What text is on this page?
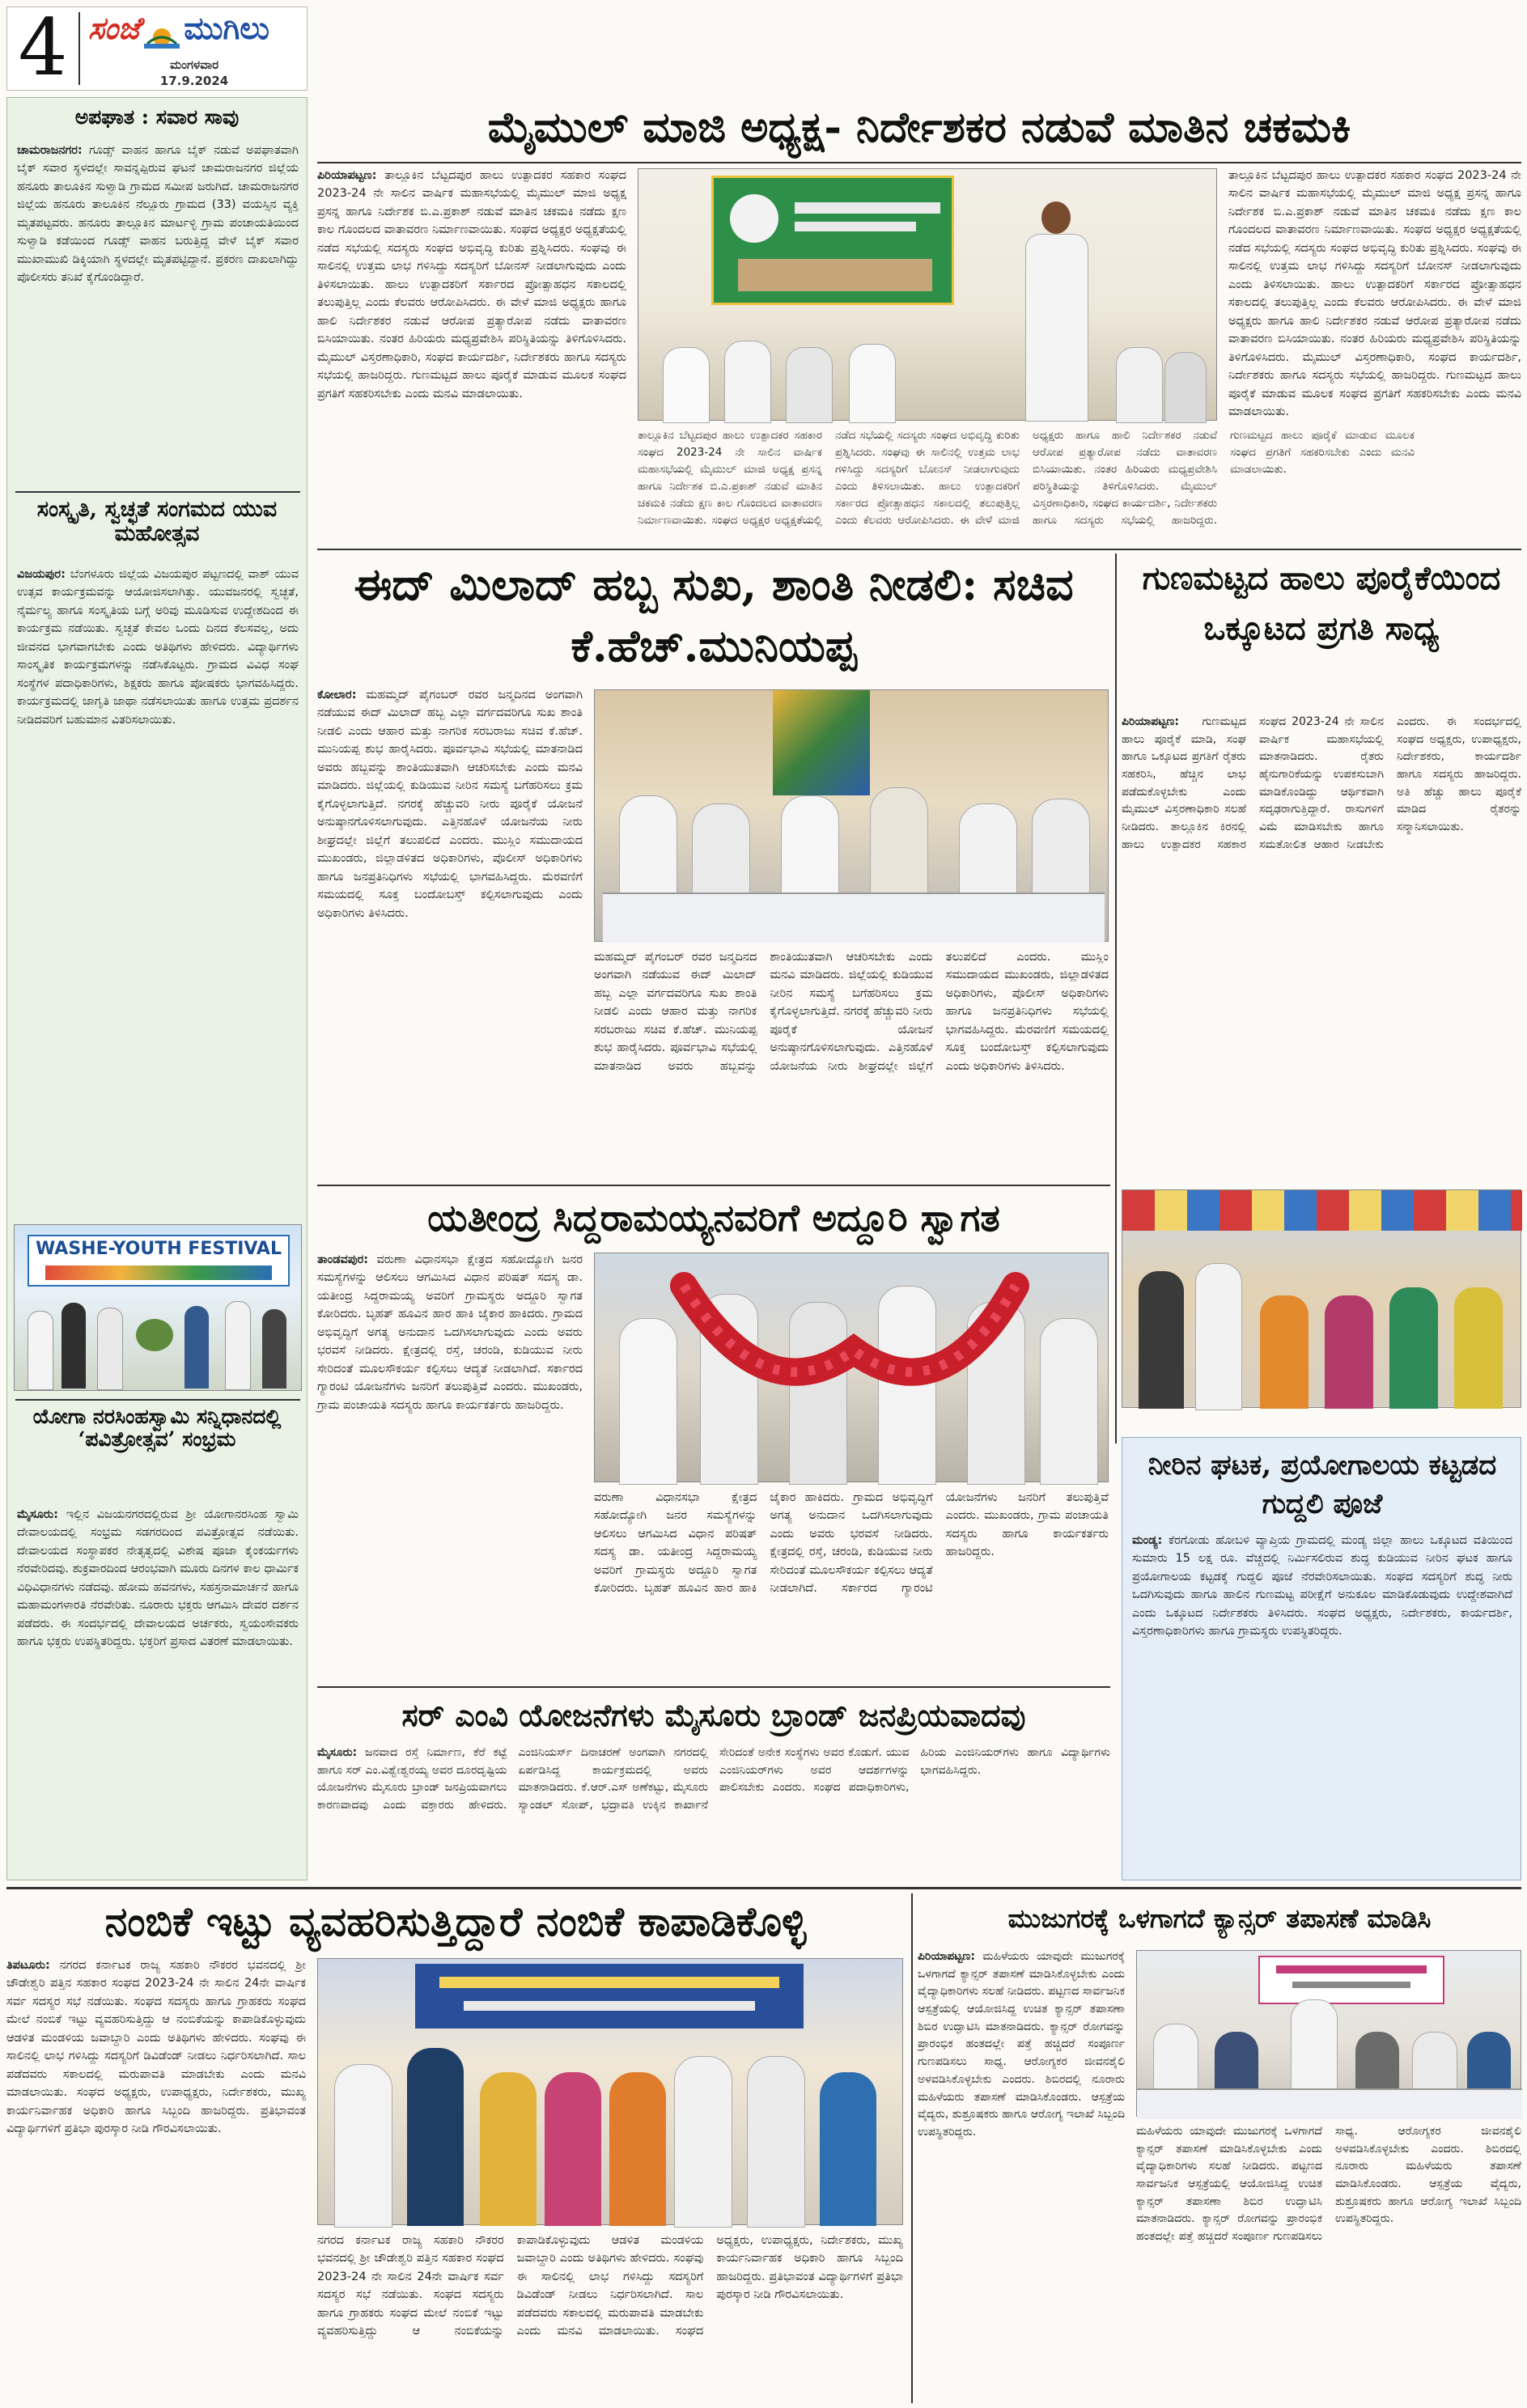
4 ಸಂಜೆ ಮುಗಿಲು
ಮಂಗಳವಾರ
17.9.2024
ಅಪಘಾತ : ಸವಾರ ಸಾವು
ಚಾಮರಾಜನಗರ: ಗೂಡ್ಸ್ ವಾಹನ ಹಾಗೂ ಬೈಕ್ ನಡುವೆ ಅಪಘಾತವಾಗಿ ಬೈಕ್ ಸವಾರ ಸ್ಥಳದಲ್ಲೇ ಸಾವನ್ನಪ್ಪಿರುವ ಘಟನೆ ಚಾಮರಾಜನಗರ ಜಿಲ್ಲೆಯ ಹನೂರು ತಾಲೂಕಿನ ಸುಳ್ವಾಡಿ ಗ್ರಾಮದ ಸಮೀಪ ಜರುಗಿದೆ. ಚಾಮರಾಜನಗರ ಜಿಲ್ಲೆಯ ಹನೂರು ತಾಲೂಕಿನ ನೆಲ್ಲೂರು ಗ್ರಾಮದ (33) ವಯಸ್ಸಿನ ವ್ಯಕ್ತಿ ಮೃತಪಟ್ಟವರು. ಹನೂರು ತಾಲ್ಲೂಕಿನ ಮಾರ್ಟಳ್ಳಿ ಗ್ರಾಮ ಪಂಚಾಯತಿಯಿಂದ ಸುಳ್ವಾಡಿ ಕಡೆಯಿಂದ ಗೂಡ್ಸ್ ವಾಹನ ಬರುತ್ತಿದ್ದ ವೇಳೆ ಬೈಕ್ ಸವಾರ ಮುಖಾಮುಖಿ ಡಿಕ್ಕಿಯಾಗಿ ಸ್ಥಳದಲ್ಲೇ ಮೃತಪಟ್ಟಿದ್ದಾನೆ. ಪ್ರಕರಣ ದಾಖಲಾಗಿದ್ದು ಪೊಲೀಸರು ತನಿಖೆ ಕೈಗೊಂಡಿದ್ದಾರೆ.
ಸಂಸ್ಕೃತಿ, ಸ್ವಚ್ಛತೆ ಸಂಗಮದ ಯುವ ಮಹೋತ್ಸವ
ವಿಜಯಪುರ: ಬೆಂಗಳೂರು ಜಿಲ್ಲೆಯ ವಿಜಯಪುರ ಪಟ್ಟಣದಲ್ಲಿ ವಾಶ್ ಯುವ ಉತ್ಸವ ಕಾರ್ಯಕ್ರಮವನ್ನು ಆಯೋಜಿಸಲಾಗಿತ್ತು. ಯುವಜನರಲ್ಲಿ ಸ್ವಚ್ಛತೆ, ನೈರ್ಮಲ್ಯ ಹಾಗೂ ಸಂಸ್ಕೃತಿಯ ಬಗ್ಗೆ ಅರಿವು ಮೂಡಿಸುವ ಉದ್ದೇಶದಿಂದ ಈ ಕಾರ್ಯಕ್ರಮ ನಡೆಯಿತು. ಸ್ವಚ್ಛತೆ ಕೇವಲ ಒಂದು ದಿನದ ಕೆಲಸವಲ್ಲ, ಅದು ಜೀವನದ ಭಾಗವಾಗಬೇಕು ಎಂದು ಅತಿಥಿಗಳು ಹೇಳಿದರು. ವಿದ್ಯಾರ್ಥಿಗಳು ಸಾಂಸ್ಕೃತಿಕ ಕಾರ್ಯಕ್ರಮಗಳನ್ನು ನಡೆಸಿಕೊಟ್ಟರು. ಗ್ರಾಮದ ವಿವಿಧ ಸಂಘ ಸಂಸ್ಥೆಗಳ ಪದಾಧಿಕಾರಿಗಳು, ಶಿಕ್ಷಕರು ಹಾಗೂ ಪೋಷಕರು ಭಾಗವಹಿಸಿದ್ದರು. ಕಾರ್ಯಕ್ರಮದಲ್ಲಿ ಜಾಗೃತಿ ಜಾಥಾ ನಡೆಸಲಾಯಿತು ಹಾಗೂ ಉತ್ತಮ ಪ್ರದರ್ಶನ ನೀಡಿದವರಿಗೆ ಬಹುಮಾನ ವಿತರಿಸಲಾಯಿತು.
WASHE-YOUTH FESTIVAL
ಯೋಗಾ ನರಸಿಂಹಸ್ವಾಮಿ ಸನ್ನಿಧಾನದಲ್ಲಿ ‘ಪವಿತ್ರೋತ್ಸವ’ ಸಂಭ್ರಮ
ಮೈಸೂರು: ಇಲ್ಲಿನ ವಿಜಯನಗರದಲ್ಲಿರುವ ಶ್ರೀ ಯೋಗಾನರಸಿಂಹ ಸ್ವಾಮಿ ದೇವಾಲಯದಲ್ಲಿ ಸಂಭ್ರಮ ಸಡಗರದಿಂದ ಪವಿತ್ರೋತ್ಸವ ನಡೆಯಿತು. ದೇವಾಲಯದ ಸಂಸ್ಥಾಪಕರ ನೇತೃತ್ವದಲ್ಲಿ ವಿಶೇಷ ಪೂಜಾ ಕೈಂಕರ್ಯಗಳು ನೆರವೇರಿದವು. ಶುಕ್ರವಾರದಿಂದ ಆರಂಭವಾಗಿ ಮೂರು ದಿನಗಳ ಕಾಲ ಧಾರ್ಮಿಕ ವಿಧಿವಿಧಾನಗಳು ನಡೆದವು. ಹೋಮ ಹವನಗಳು, ಸಹಸ್ರನಾಮಾರ್ಚನೆ ಹಾಗೂ ಮಹಾಮಂಗಳಾರತಿ ನೆರವೇರಿತು. ನೂರಾರು ಭಕ್ತರು ಆಗಮಿಸಿ ದೇವರ ದರ್ಶನ ಪಡೆದರು. ಈ ಸಂದರ್ಭದಲ್ಲಿ ದೇವಾಲಯದ ಅರ್ಚಕರು, ಸ್ವಯಂಸೇವಕರು ಹಾಗೂ ಭಕ್ತರು ಉಪಸ್ಥಿತರಿದ್ದರು. ಭಕ್ತರಿಗೆ ಪ್ರಸಾದ ವಿತರಣೆ ಮಾಡಲಾಯಿತು.
ಮೈಮುಲ್ ಮಾಜಿ ಅಧ್ಯಕ್ಷ- ನಿರ್ದೇಶಕರ ನಡುವೆ ಮಾತಿನ ಚಕಮಕಿ
ಪಿರಿಯಾಪಟ್ಟಣ: ತಾಲ್ಲೂಕಿನ ಬೆಟ್ಟದಪುರ ಹಾಲು ಉತ್ಪಾದಕರ ಸಹಕಾರ ಸಂಘದ 2023-24 ನೇ ಸಾಲಿನ ವಾರ್ಷಿಕ ಮಹಾಸಭೆಯಲ್ಲಿ ಮೈಮುಲ್ ಮಾಜಿ ಅಧ್ಯಕ್ಷ ಪ್ರಸನ್ನ ಹಾಗೂ ನಿರ್ದೇಶಕ ಬಿ.ಎ.ಪ್ರಕಾಶ್ ನಡುವೆ ಮಾತಿನ ಚಕಮಕಿ ನಡೆದು ಕ್ಷಣ ಕಾಲ ಗೊಂದಲದ ವಾತಾವರಣ ನಿರ್ಮಾಣವಾಯಿತು. ಸಂಘದ ಅಧ್ಯಕ್ಷರ ಅಧ್ಯಕ್ಷತೆಯಲ್ಲಿ ನಡೆದ ಸಭೆಯಲ್ಲಿ ಸದಸ್ಯರು ಸಂಘದ ಅಭಿವೃದ್ಧಿ ಕುರಿತು ಪ್ರಶ್ನಿಸಿದರು. ಸಂಘವು ಈ ಸಾಲಿನಲ್ಲಿ ಉತ್ತಮ ಲಾಭ ಗಳಿಸಿದ್ದು ಸದಸ್ಯರಿಗೆ ಬೋನಸ್ ನೀಡಲಾಗುವುದು ಎಂದು ತಿಳಿಸಲಾಯಿತು. ಹಾಲು ಉತ್ಪಾದಕರಿಗೆ ಸರ್ಕಾರದ ಪ್ರೋತ್ಸಾಹಧನ ಸಕಾಲದಲ್ಲಿ ತಲುಪುತ್ತಿಲ್ಲ ಎಂದು ಕೆಲವರು ಆರೋಪಿಸಿದರು. ಈ ವೇಳೆ ಮಾಜಿ ಅಧ್ಯಕ್ಷರು ಹಾಗೂ ಹಾಲಿ ನಿರ್ದೇಶಕರ ನಡುವೆ ಆರೋಪ ಪ್ರತ್ಯಾರೋಪ ನಡೆದು ವಾತಾವರಣ ಬಿಸಿಯಾಯಿತು. ನಂತರ ಹಿರಿಯರು ಮಧ್ಯಪ್ರವೇಶಿಸಿ ಪರಿಸ್ಥಿತಿಯನ್ನು ತಿಳಿಗೊಳಿಸಿದರು. ಮೈಮುಲ್ ವಿಸ್ತರಣಾಧಿಕಾರಿ, ಸಂಘದ ಕಾರ್ಯದರ್ಶಿ, ನಿರ್ದೇಶಕರು ಹಾಗೂ ಸದಸ್ಯರು ಸಭೆಯಲ್ಲಿ ಹಾಜರಿದ್ದರು. ಗುಣಮಟ್ಟದ ಹಾಲು ಪೂರೈಕೆ ಮಾಡುವ ಮೂಲಕ ಸಂಘದ ಪ್ರಗತಿಗೆ ಸಹಕರಿಸಬೇಕು ಎಂದು ಮನವಿ ಮಾಡಲಾಯಿತು.
ತಾಲ್ಲೂಕಿನ ಬೆಟ್ಟದಪುರ ಹಾಲು ಉತ್ಪಾದಕರ ಸಹಕಾರ ಸಂಘದ 2023-24 ನೇ ಸಾಲಿನ ವಾರ್ಷಿಕ ಮಹಾಸಭೆಯಲ್ಲಿ ಮೈಮುಲ್ ಮಾಜಿ ಅಧ್ಯಕ್ಷ ಪ್ರಸನ್ನ ಹಾಗೂ ನಿರ್ದೇಶಕ ಬಿ.ಎ.ಪ್ರಕಾಶ್ ನಡುವೆ ಮಾತಿನ ಚಕಮಕಿ ನಡೆದು ಕ್ಷಣ ಕಾಲ ಗೊಂದಲದ ವಾತಾವರಣ ನಿರ್ಮಾಣವಾಯಿತು. ಸಂಘದ ಅಧ್ಯಕ್ಷರ ಅಧ್ಯಕ್ಷತೆಯಲ್ಲಿ ನಡೆದ ಸಭೆಯಲ್ಲಿ ಸದಸ್ಯರು ಸಂಘದ ಅಭಿವೃದ್ಧಿ ಕುರಿತು ಪ್ರಶ್ನಿಸಿದರು. ಸಂಘವು ಈ ಸಾಲಿನಲ್ಲಿ ಉತ್ತಮ ಲಾಭ ಗಳಿಸಿದ್ದು ಸದಸ್ಯರಿಗೆ ಬೋನಸ್ ನೀಡಲಾಗುವುದು ಎಂದು ತಿಳಿಸಲಾಯಿತು. ಹಾಲು ಉತ್ಪಾದಕರಿಗೆ ಸರ್ಕಾರದ ಪ್ರೋತ್ಸಾಹಧನ ಸಕಾಲದಲ್ಲಿ ತಲುಪುತ್ತಿಲ್ಲ ಎಂದು ಕೆಲವರು ಆರೋಪಿಸಿದರು. ಈ ವೇಳೆ ಮಾಜಿ ಅಧ್ಯಕ್ಷರು ಹಾಗೂ ಹಾಲಿ ನಿರ್ದೇಶಕರ ನಡುವೆ ಆರೋಪ ಪ್ರತ್ಯಾರೋಪ ನಡೆದು ವಾತಾವರಣ ಬಿಸಿಯಾಯಿತು. ನಂತರ ಹಿರಿಯರು ಮಧ್ಯಪ್ರವೇಶಿಸಿ ಪರಿಸ್ಥಿತಿಯನ್ನು ತಿಳಿಗೊಳಿಸಿದರು. ಮೈಮುಲ್ ವಿಸ್ತರಣಾಧಿಕಾರಿ, ಸಂಘದ ಕಾರ್ಯದರ್ಶಿ, ನಿರ್ದೇಶಕರು ಹಾಗೂ ಸದಸ್ಯರು ಸಭೆಯಲ್ಲಿ ಹಾಜರಿದ್ದರು. ಗುಣಮಟ್ಟದ ಹಾಲು ಪೂರೈಕೆ ಮಾಡುವ ಮೂಲಕ ಸಂಘದ ಪ್ರಗತಿಗೆ ಸಹಕರಿಸಬೇಕು ಎಂದು ಮನವಿ ಮಾಡಲಾಯಿತು.
ತಾಲ್ಲೂಕಿನ ಬೆಟ್ಟದಪುರ ಹಾಲು ಉತ್ಪಾದಕರ ಸಹಕಾರ ಸಂಘದ 2023-24 ನೇ ಸಾಲಿನ ವಾರ್ಷಿಕ ಮಹಾಸಭೆಯಲ್ಲಿ ಮೈಮುಲ್ ಮಾಜಿ ಅಧ್ಯಕ್ಷ ಪ್ರಸನ್ನ ಹಾಗೂ ನಿರ್ದೇಶಕ ಬಿ.ಎ.ಪ್ರಕಾಶ್ ನಡುವೆ ಮಾತಿನ ಚಕಮಕಿ ನಡೆದು ಕ್ಷಣ ಕಾಲ ಗೊಂದಲದ ವಾತಾವರಣ ನಿರ್ಮಾಣವಾಯಿತು. ಸಂಘದ ಅಧ್ಯಕ್ಷರ ಅಧ್ಯಕ್ಷತೆಯಲ್ಲಿ ನಡೆದ ಸಭೆಯಲ್ಲಿ ಸದಸ್ಯರು ಸಂಘದ ಅಭಿವೃದ್ಧಿ ಕುರಿತು ಪ್ರಶ್ನಿಸಿದರು. ಸಂಘವು ಈ ಸಾಲಿನಲ್ಲಿ ಉತ್ತಮ ಲಾಭ ಗಳಿಸಿದ್ದು ಸದಸ್ಯರಿಗೆ ಬೋನಸ್ ನೀಡಲಾಗುವುದು ಎಂದು ತಿಳಿಸಲಾಯಿತು. ಹಾಲು ಉತ್ಪಾದಕರಿಗೆ ಸರ್ಕಾರದ ಪ್ರೋತ್ಸಾಹಧನ ಸಕಾಲದಲ್ಲಿ ತಲುಪುತ್ತಿಲ್ಲ ಎಂದು ಕೆಲವರು ಆರೋಪಿಸಿದರು. ಈ ವೇಳೆ ಮಾಜಿ ಅಧ್ಯಕ್ಷರು ಹಾಗೂ ಹಾಲಿ ನಿರ್ದೇಶಕರ ನಡುವೆ ಆರೋಪ ಪ್ರತ್ಯಾರೋಪ ನಡೆದು ವಾತಾವರಣ ಬಿಸಿಯಾಯಿತು. ನಂತರ ಹಿರಿಯರು ಮಧ್ಯಪ್ರವೇಶಿಸಿ ಪರಿಸ್ಥಿತಿಯನ್ನು ತಿಳಿಗೊಳಿಸಿದರು. ಮೈಮುಲ್ ವಿಸ್ತರಣಾಧಿಕಾರಿ, ಸಂಘದ ಕಾರ್ಯದರ್ಶಿ, ನಿರ್ದೇಶಕರು ಹಾಗೂ ಸದಸ್ಯರು ಸಭೆಯಲ್ಲಿ ಹಾಜರಿದ್ದರು. ಗುಣಮಟ್ಟದ ಹಾಲು ಪೂರೈಕೆ ಮಾಡುವ ಮೂಲಕ ಸಂಘದ ಪ್ರಗತಿಗೆ ಸಹಕರಿಸಬೇಕು ಎಂದು ಮನವಿ ಮಾಡಲಾಯಿತು.
ಈದ್ ಮಿಲಾದ್ ಹಬ್ಬ ಸುಖ, ಶಾಂತಿ ನೀಡಲಿ: ಸಚಿವ ಕೆ.ಹೆಚ್.ಮುನಿಯಪ್ಪ
ಕೋಲಾರ: ಮಹಮ್ಮದ್ ಪೈಗಂಬರ್ ರವರ ಜನ್ಮದಿನದ ಅಂಗವಾಗಿ ನಡೆಯುವ ಈದ್ ಮಿಲಾದ್ ಹಬ್ಬ ಎಲ್ಲಾ ವರ್ಗದವರಿಗೂ ಸುಖ ಶಾಂತಿ ನೀಡಲಿ ಎಂದು ಆಹಾರ ಮತ್ತು ನಾಗರಿಕ ಸರಬರಾಜು ಸಚಿವ ಕೆ.ಹೆಚ್. ಮುನಿಯಪ್ಪ ಶುಭ ಹಾರೈಸಿದರು. ಪೂರ್ವಭಾವಿ ಸಭೆಯಲ್ಲಿ ಮಾತನಾಡಿದ ಅವರು ಹಬ್ಬವನ್ನು ಶಾಂತಿಯುತವಾಗಿ ಆಚರಿಸಬೇಕು ಎಂದು ಮನವಿ ಮಾಡಿದರು. ಜಿಲ್ಲೆಯಲ್ಲಿ ಕುಡಿಯುವ ನೀರಿನ ಸಮಸ್ಯೆ ಬಗೆಹರಿಸಲು ಕ್ರಮ ಕೈಗೊಳ್ಳಲಾಗುತ್ತಿದೆ. ನಗರಕ್ಕೆ ಹೆಚ್ಚುವರಿ ನೀರು ಪೂರೈಕೆ ಯೋಜನೆ ಅನುಷ್ಠಾನಗೊಳಿಸಲಾಗುವುದು. ಎತ್ತಿನಹೊಳೆ ಯೋಜನೆಯ ನೀರು ಶೀಘ್ರದಲ್ಲೇ ಜಿಲ್ಲೆಗೆ ತಲುಪಲಿದೆ ಎಂದರು. ಮುಸ್ಲಿಂ ಸಮುದಾಯದ ಮುಖಂಡರು, ಜಿಲ್ಲಾಡಳಿತದ ಅಧಿಕಾರಿಗಳು, ಪೊಲೀಸ್ ಅಧಿಕಾರಿಗಳು ಹಾಗೂ ಜನಪ್ರತಿನಿಧಿಗಳು ಸಭೆಯಲ್ಲಿ ಭಾಗವಹಿಸಿದ್ದರು. ಮೆರವಣಿಗೆ ಸಮಯದಲ್ಲಿ ಸೂಕ್ತ ಬಂದೋಬಸ್ತ್ ಕಲ್ಪಿಸಲಾಗುವುದು ಎಂದು ಅಧಿಕಾರಿಗಳು ತಿಳಿಸಿದರು.
ಮಹಮ್ಮದ್ ಪೈಗಂಬರ್ ರವರ ಜನ್ಮದಿನದ ಅಂಗವಾಗಿ ನಡೆಯುವ ಈದ್ ಮಿಲಾದ್ ಹಬ್ಬ ಎಲ್ಲಾ ವರ್ಗದವರಿಗೂ ಸುಖ ಶಾಂತಿ ನೀಡಲಿ ಎಂದು ಆಹಾರ ಮತ್ತು ನಾಗರಿಕ ಸರಬರಾಜು ಸಚಿವ ಕೆ.ಹೆಚ್. ಮುನಿಯಪ್ಪ ಶುಭ ಹಾರೈಸಿದರು. ಪೂರ್ವಭಾವಿ ಸಭೆಯಲ್ಲಿ ಮಾತನಾಡಿದ ಅವರು ಹಬ್ಬವನ್ನು ಶಾಂತಿಯುತವಾಗಿ ಆಚರಿಸಬೇಕು ಎಂದು ಮನವಿ ಮಾಡಿದರು. ಜಿಲ್ಲೆಯಲ್ಲಿ ಕುಡಿಯುವ ನೀರಿನ ಸಮಸ್ಯೆ ಬಗೆಹರಿಸಲು ಕ್ರಮ ಕೈಗೊಳ್ಳಲಾಗುತ್ತಿದೆ. ನಗರಕ್ಕೆ ಹೆಚ್ಚುವರಿ ನೀರು ಪೂರೈಕೆ ಯೋಜನೆ ಅನುಷ್ಠಾನಗೊಳಿಸಲಾಗುವುದು. ಎತ್ತಿನಹೊಳೆ ಯೋಜನೆಯ ನೀರು ಶೀಘ್ರದಲ್ಲೇ ಜಿಲ್ಲೆಗೆ ತಲುಪಲಿದೆ ಎಂದರು. ಮುಸ್ಲಿಂ ಸಮುದಾಯದ ಮುಖಂಡರು, ಜಿಲ್ಲಾಡಳಿತದ ಅಧಿಕಾರಿಗಳು, ಪೊಲೀಸ್ ಅಧಿಕಾರಿಗಳು ಹಾಗೂ ಜನಪ್ರತಿನಿಧಿಗಳು ಸಭೆಯಲ್ಲಿ ಭಾಗವಹಿಸಿದ್ದರು. ಮೆರವಣಿಗೆ ಸಮಯದಲ್ಲಿ ಸೂಕ್ತ ಬಂದೋಬಸ್ತ್ ಕಲ್ಪಿಸಲಾಗುವುದು ಎಂದು ಅಧಿಕಾರಿಗಳು ತಿಳಿಸಿದರು.
ಗುಣಮಟ್ಟದ ಹಾಲು ಪೂರೈಕೆಯಿಂದ ಒಕ್ಕೂಟದ ಪ್ರಗತಿ ಸಾಧ್ಯ
ಪಿರಿಯಾಪಟ್ಟಣ: ಗುಣಮಟ್ಟದ ಹಾಲು ಪೂರೈಕೆ ಮಾಡಿ, ಸಂಘ ಹಾಗೂ ಒಕ್ಕೂಟದ ಪ್ರಗತಿಗೆ ರೈತರು ಸಹಕರಿಸಿ, ಹೆಚ್ಚಿನ ಲಾಭ ಪಡೆದುಕೊಳ್ಳಬೇಕು ಎಂದು ಮೈಮುಲ್ ವಿಸ್ತರಣಾಧಿಕಾರಿ ಸಲಹೆ ನೀಡಿದರು. ತಾಲ್ಲೂಕಿನ ಕಿರನಲ್ಲಿ ಹಾಲು ಉತ್ಪಾದಕರ ಸಹಕಾರ ಸಂಘದ 2023-24 ನೇ ಸಾಲಿನ ವಾರ್ಷಿಕ ಮಹಾಸಭೆಯಲ್ಲಿ ಮಾತನಾಡಿದರು. ರೈತರು ಹೈನುಗಾರಿಕೆಯನ್ನು ಉಪಕಸುಬಾಗಿ ಮಾಡಿಕೊಂಡಿದ್ದು ಆರ್ಥಿಕವಾಗಿ ಸದೃಢರಾಗುತ್ತಿದ್ದಾರೆ. ರಾಸುಗಳಿಗೆ ವಿಮೆ ಮಾಡಿಸಬೇಕು ಹಾಗೂ ಸಮತೋಲಿತ ಆಹಾರ ನೀಡಬೇಕು ಎಂದರು. ಈ ಸಂದರ್ಭದಲ್ಲಿ ಸಂಘದ ಅಧ್ಯಕ್ಷರು, ಉಪಾಧ್ಯಕ್ಷರು, ನಿರ್ದೇಶಕರು, ಕಾರ್ಯದರ್ಶಿ ಹಾಗೂ ಸದಸ್ಯರು ಹಾಜರಿದ್ದರು. ಅತಿ ಹೆಚ್ಚು ಹಾಲು ಪೂರೈಕೆ ಮಾಡಿದ ರೈತರನ್ನು ಸನ್ಮಾನಿಸಲಾಯಿತು.
ಯತೀಂದ್ರ ಸಿದ್ದರಾಮಯ್ಯನವರಿಗೆ ಅದ್ದೂರಿ ಸ್ವಾಗತ
ತಾಂಡವಪುರ: ವರುಣಾ ವಿಧಾನಸಭಾ ಕ್ಷೇತ್ರದ ಸಹೋದ್ಯೋಗಿ ಜನರ ಸಮಸ್ಯೆಗಳನ್ನು ಆಲಿಸಲು ಆಗಮಿಸಿದ ವಿಧಾನ ಪರಿಷತ್ ಸದಸ್ಯ ಡಾ. ಯತೀಂದ್ರ ಸಿದ್ದರಾಮಯ್ಯ ಅವರಿಗೆ ಗ್ರಾಮಸ್ಥರು ಅದ್ದೂರಿ ಸ್ವಾಗತ ಕೋರಿದರು. ಬೃಹತ್ ಹೂವಿನ ಹಾರ ಹಾಕಿ ಜೈಕಾರ ಹಾಕಿದರು. ಗ್ರಾಮದ ಅಭಿವೃದ್ಧಿಗೆ ಅಗತ್ಯ ಅನುದಾನ ಒದಗಿಸಲಾಗುವುದು ಎಂದು ಅವರು ಭರವಸೆ ನೀಡಿದರು. ಕ್ಷೇತ್ರದಲ್ಲಿ ರಸ್ತೆ, ಚರಂಡಿ, ಕುಡಿಯುವ ನೀರು ಸೇರಿದಂತೆ ಮೂಲಸೌಕರ್ಯ ಕಲ್ಪಿಸಲು ಆದ್ಯತೆ ನೀಡಲಾಗಿದೆ. ಸರ್ಕಾರದ ಗ್ಯಾರಂಟಿ ಯೋಜನೆಗಳು ಜನರಿಗೆ ತಲುಪುತ್ತಿವೆ ಎಂದರು. ಮುಖಂಡರು, ಗ್ರಾಮ ಪಂಚಾಯತಿ ಸದಸ್ಯರು ಹಾಗೂ ಕಾರ್ಯಕರ್ತರು ಹಾಜರಿದ್ದರು.
ವರುಣಾ ವಿಧಾನಸಭಾ ಕ್ಷೇತ್ರದ ಸಹೋದ್ಯೋಗಿ ಜನರ ಸಮಸ್ಯೆಗಳನ್ನು ಆಲಿಸಲು ಆಗಮಿಸಿದ ವಿಧಾನ ಪರಿಷತ್ ಸದಸ್ಯ ಡಾ. ಯತೀಂದ್ರ ಸಿದ್ದರಾಮಯ್ಯ ಅವರಿಗೆ ಗ್ರಾಮಸ್ಥರು ಅದ್ದೂರಿ ಸ್ವಾಗತ ಕೋರಿದರು. ಬೃಹತ್ ಹೂವಿನ ಹಾರ ಹಾಕಿ ಜೈಕಾರ ಹಾಕಿದರು. ಗ್ರಾಮದ ಅಭಿವೃದ್ಧಿಗೆ ಅಗತ್ಯ ಅನುದಾನ ಒದಗಿಸಲಾಗುವುದು ಎಂದು ಅವರು ಭರವಸೆ ನೀಡಿದರು. ಕ್ಷೇತ್ರದಲ್ಲಿ ರಸ್ತೆ, ಚರಂಡಿ, ಕುಡಿಯುವ ನೀರು ಸೇರಿದಂತೆ ಮೂಲಸೌಕರ್ಯ ಕಲ್ಪಿಸಲು ಆದ್ಯತೆ ನೀಡಲಾಗಿದೆ. ಸರ್ಕಾರದ ಗ್ಯಾರಂಟಿ ಯೋಜನೆಗಳು ಜನರಿಗೆ ತಲುಪುತ್ತಿವೆ ಎಂದರು. ಮುಖಂಡರು, ಗ್ರಾಮ ಪಂಚಾಯತಿ ಸದಸ್ಯರು ಹಾಗೂ ಕಾರ್ಯಕರ್ತರು ಹಾಜರಿದ್ದರು.
ನೀರಿನ ಘಟಕ, ಪ್ರಯೋಗಾಲಯ ಕಟ್ಟಡದ ಗುದ್ದಲಿ ಪೂಜೆ
ಮಂಡ್ಯ: ಕೆರಗೋಡು ಹೋಬಳಿ ವ್ಯಾಪ್ತಿಯ ಗ್ರಾಮದಲ್ಲಿ ಮಂಡ್ಯ ಜಿಲ್ಲಾ ಹಾಲು ಒಕ್ಕೂಟದ ವತಿಯಿಂದ ಸುಮಾರು 15 ಲಕ್ಷ ರೂ. ವೆಚ್ಚದಲ್ಲಿ ನಿರ್ಮಿಸಲಿರುವ ಶುದ್ಧ ಕುಡಿಯುವ ನೀರಿನ ಘಟಕ ಹಾಗೂ ಪ್ರಯೋಗಾಲಯ ಕಟ್ಟಡಕ್ಕೆ ಗುದ್ದಲಿ ಪೂಜೆ ನೆರವೇರಿಸಲಾಯಿತು. ಸಂಘದ ಸದಸ್ಯರಿಗೆ ಶುದ್ಧ ನೀರು ಒದಗಿಸುವುದು ಹಾಗೂ ಹಾಲಿನ ಗುಣಮಟ್ಟ ಪರೀಕ್ಷೆಗೆ ಅನುಕೂಲ ಮಾಡಿಕೊಡುವುದು ಉದ್ದೇಶವಾಗಿದೆ ಎಂದು ಒಕ್ಕೂಟದ ನಿರ್ದೇಶಕರು ತಿಳಿಸಿದರು. ಸಂಘದ ಅಧ್ಯಕ್ಷರು, ನಿರ್ದೇಶಕರು, ಕಾರ್ಯದರ್ಶಿ, ವಿಸ್ತರಣಾಧಿಕಾರಿಗಳು ಹಾಗೂ ಗ್ರಾಮಸ್ಥರು ಉಪಸ್ಥಿತರಿದ್ದರು.
ಸರ್ ಎಂವಿ ಯೋಜನೆಗಳು ಮೈಸೂರು ಬ್ರಾಂಡ್ ಜನಪ್ರಿಯವಾದವು
ಮೈಸೂರು: ಜನವಾದ ರಸ್ತೆ ನಿರ್ಮಾಣ, ಕೆರೆ ಕಟ್ಟೆ ಹಾಗೂ ಸರ್ ಎಂ.ವಿಶ್ವೇಶ್ವರಯ್ಯ ಅವರ ದೂರದೃಷ್ಟಿಯ ಯೋಜನೆಗಳು ಮೈಸೂರು ಬ್ರಾಂಡ್ ಜನಪ್ರಿಯವಾಗಲು ಕಾರಣವಾದವು ಎಂದು ವಕ್ತಾರರು ಹೇಳಿದರು. ಎಂಜಿನಿಯರ್ಸ್ ದಿನಾಚರಣೆ ಅಂಗವಾಗಿ ನಗರದಲ್ಲಿ ಏರ್ಪಡಿಸಿದ್ದ ಕಾರ್ಯಕ್ರಮದಲ್ಲಿ ಅವರು ಮಾತನಾಡಿದರು. ಕೆ.ಆರ್.ಎಸ್ ಅಣೆಕಟ್ಟು, ಮೈಸೂರು ಸ್ಯಾಂಡಲ್ ಸೋಪ್, ಭದ್ರಾವತಿ ಉಕ್ಕಿನ ಕಾರ್ಖಾನೆ ಸೇರಿದಂತೆ ಅನೇಕ ಸಂಸ್ಥೆಗಳು ಅವರ ಕೊಡುಗೆ. ಯುವ ಎಂಜಿನಿಯರ್‌ಗಳು ಅವರ ಆದರ್ಶಗಳನ್ನು ಪಾಲಿಸಬೇಕು ಎಂದರು. ಸಂಘದ ಪದಾಧಿಕಾರಿಗಳು, ಹಿರಿಯ ಎಂಜಿನಿಯರ್‌ಗಳು ಹಾಗೂ ವಿದ್ಯಾರ್ಥಿಗಳು ಭಾಗವಹಿಸಿದ್ದರು.
ನಂಬಿಕೆ ಇಟ್ಟು ವ್ಯವಹರಿಸುತ್ತಿದ್ದಾರೆ ನಂಬಿಕೆ ಕಾಪಾಡಿಕೊಳ್ಳಿ
ತಿಪಟೂರು: ನಗರದ ಕರ್ನಾಟಕ ರಾಜ್ಯ ಸಹಕಾರಿ ನೌಕರರ ಭವನದಲ್ಲಿ ಶ್ರೀ ಚೌಡೇಶ್ವರಿ ಪತ್ತಿನ ಸಹಕಾರ ಸಂಘದ 2023-24 ನೇ ಸಾಲಿನ 24ನೇ ವಾರ್ಷಿಕ ಸರ್ವ ಸದಸ್ಯರ ಸಭೆ ನಡೆಯಿತು. ಸಂಘದ ಸದಸ್ಯರು ಹಾಗೂ ಗ್ರಾಹಕರು ಸಂಘದ ಮೇಲೆ ನಂಬಿಕೆ ಇಟ್ಟು ವ್ಯವಹರಿಸುತ್ತಿದ್ದು ಆ ನಂಬಿಕೆಯನ್ನು ಕಾಪಾಡಿಕೊಳ್ಳುವುದು ಆಡಳಿತ ಮಂಡಳಿಯ ಜವಾಬ್ದಾರಿ ಎಂದು ಅತಿಥಿಗಳು ಹೇಳಿದರು. ಸಂಘವು ಈ ಸಾಲಿನಲ್ಲಿ ಲಾಭ ಗಳಿಸಿದ್ದು ಸದಸ್ಯರಿಗೆ ಡಿವಿಡೆಂಡ್ ನೀಡಲು ನಿರ್ಧರಿಸಲಾಗಿದೆ. ಸಾಲ ಪಡೆದವರು ಸಕಾಲದಲ್ಲಿ ಮರುಪಾವತಿ ಮಾಡಬೇಕು ಎಂದು ಮನವಿ ಮಾಡಲಾಯಿತು. ಸಂಘದ ಅಧ್ಯಕ್ಷರು, ಉಪಾಧ್ಯಕ್ಷರು, ನಿರ್ದೇಶಕರು, ಮುಖ್ಯ ಕಾರ್ಯನಿರ್ವಾಹಕ ಅಧಿಕಾರಿ ಹಾಗೂ ಸಿಬ್ಬಂದಿ ಹಾಜರಿದ್ದರು. ಪ್ರತಿಭಾವಂತ ವಿದ್ಯಾರ್ಥಿಗಳಿಗೆ ಪ್ರತಿಭಾ ಪುರಸ್ಕಾರ ನೀಡಿ ಗೌರವಿಸಲಾಯಿತು.
ನಗರದ ಕರ್ನಾಟಕ ರಾಜ್ಯ ಸಹಕಾರಿ ನೌಕರರ ಭವನದಲ್ಲಿ ಶ್ರೀ ಚೌಡೇಶ್ವರಿ ಪತ್ತಿನ ಸಹಕಾರ ಸಂಘದ 2023-24 ನೇ ಸಾಲಿನ 24ನೇ ವಾರ್ಷಿಕ ಸರ್ವ ಸದಸ್ಯರ ಸಭೆ ನಡೆಯಿತು. ಸಂಘದ ಸದಸ್ಯರು ಹಾಗೂ ಗ್ರಾಹಕರು ಸಂಘದ ಮೇಲೆ ನಂಬಿಕೆ ಇಟ್ಟು ವ್ಯವಹರಿಸುತ್ತಿದ್ದು ಆ ನಂಬಿಕೆಯನ್ನು ಕಾಪಾಡಿಕೊಳ್ಳುವುದು ಆಡಳಿತ ಮಂಡಳಿಯ ಜವಾಬ್ದಾರಿ ಎಂದು ಅತಿಥಿಗಳು ಹೇಳಿದರು. ಸಂಘವು ಈ ಸಾಲಿನಲ್ಲಿ ಲಾಭ ಗಳಿಸಿದ್ದು ಸದಸ್ಯರಿಗೆ ಡಿವಿಡೆಂಡ್ ನೀಡಲು ನಿರ್ಧರಿಸಲಾಗಿದೆ. ಸಾಲ ಪಡೆದವರು ಸಕಾಲದಲ್ಲಿ ಮರುಪಾವತಿ ಮಾಡಬೇಕು ಎಂದು ಮನವಿ ಮಾಡಲಾಯಿತು. ಸಂಘದ ಅಧ್ಯಕ್ಷರು, ಉಪಾಧ್ಯಕ್ಷರು, ನಿರ್ದೇಶಕರು, ಮುಖ್ಯ ಕಾರ್ಯನಿರ್ವಾಹಕ ಅಧಿಕಾರಿ ಹಾಗೂ ಸಿಬ್ಬಂದಿ ಹಾಜರಿದ್ದರು. ಪ್ರತಿಭಾವಂತ ವಿದ್ಯಾರ್ಥಿಗಳಿಗೆ ಪ್ರತಿಭಾ ಪುರಸ್ಕಾರ ನೀಡಿ ಗೌರವಿಸಲಾಯಿತು.
ಮುಜುಗರಕ್ಕೆ ಒಳಗಾಗದೆ ಕ್ಯಾನ್ಸರ್ ತಪಾಸಣೆ ಮಾಡಿಸಿ
ಪಿರಿಯಾಪಟ್ಟಣ: ಮಹಿಳೆಯರು ಯಾವುದೇ ಮುಜುಗರಕ್ಕೆ ಒಳಗಾಗದೆ ಕ್ಯಾನ್ಸರ್ ತಪಾಸಣೆ ಮಾಡಿಸಿಕೊಳ್ಳಬೇಕು ಎಂದು ವೈದ್ಯಾಧಿಕಾರಿಗಳು ಸಲಹೆ ನೀಡಿದರು. ಪಟ್ಟಣದ ಸಾರ್ವಜನಿಕ ಆಸ್ಪತ್ರೆಯಲ್ಲಿ ಆಯೋಜಿಸಿದ್ದ ಉಚಿತ ಕ್ಯಾನ್ಸರ್ ತಪಾಸಣಾ ಶಿಬಿರ ಉದ್ಘಾಟಿಸಿ ಮಾತನಾಡಿದರು. ಕ್ಯಾನ್ಸರ್ ರೋಗವನ್ನು ಪ್ರಾರಂಭಿಕ ಹಂತದಲ್ಲೇ ಪತ್ತೆ ಹಚ್ಚಿದರೆ ಸಂಪೂರ್ಣ ಗುಣಪಡಿಸಲು ಸಾಧ್ಯ. ಆರೋಗ್ಯಕರ ಜೀವನಶೈಲಿ ಅಳವಡಿಸಿಕೊಳ್ಳಬೇಕು ಎಂದರು. ಶಿಬಿರದಲ್ಲಿ ನೂರಾರು ಮಹಿಳೆಯರು ತಪಾಸಣೆ ಮಾಡಿಸಿಕೊಂಡರು. ಆಸ್ಪತ್ರೆಯ ವೈದ್ಯರು, ಶುಶ್ರೂಷಕರು ಹಾಗೂ ಆರೋಗ್ಯ ಇಲಾಖೆ ಸಿಬ್ಬಂದಿ ಉಪಸ್ಥಿತರಿದ್ದರು.	ಮಹಿಳೆಯರು ಯಾವುದೇ ಮುಜುಗರಕ್ಕೆ ಒಳಗಾಗದೆ ಕ್ಯಾನ್ಸರ್ ತಪಾಸಣೆ ಮಾಡಿಸಿಕೊಳ್ಳಬೇಕು ಎಂದು ವೈದ್ಯಾಧಿಕಾರಿಗಳು ಸಲಹೆ ನೀಡಿದರು. ಪಟ್ಟಣದ ಸಾರ್ವಜನಿಕ ಆಸ್ಪತ್ರೆಯಲ್ಲಿ ಆಯೋಜಿಸಿದ್ದ ಉಚಿತ ಕ್ಯಾನ್ಸರ್ ತಪಾಸಣಾ ಶಿಬಿರ ಉದ್ಘಾಟಿಸಿ ಮಾತನಾಡಿದರು. ಕ್ಯಾನ್ಸರ್ ರೋಗವನ್ನು ಪ್ರಾರಂಭಿಕ ಹಂತದಲ್ಲೇ ಪತ್ತೆ ಹಚ್ಚಿದರೆ ಸಂಪೂರ್ಣ ಗುಣಪಡಿಸಲು ಸಾಧ್ಯ. ಆರೋಗ್ಯಕರ ಜೀವನಶೈಲಿ ಅಳವಡಿಸಿಕೊಳ್ಳಬೇಕು ಎಂದರು. ಶಿಬಿರದಲ್ಲಿ ನೂರಾರು ಮಹಿಳೆಯರು ತಪಾಸಣೆ ಮಾಡಿಸಿಕೊಂಡರು. ಆಸ್ಪತ್ರೆಯ ವೈದ್ಯರು, ಶುಶ್ರೂಷಕರು ಹಾಗೂ ಆರೋಗ್ಯ ಇಲಾಖೆ ಸಿಬ್ಬಂದಿ ಉಪಸ್ಥಿತರಿದ್ದರು.
